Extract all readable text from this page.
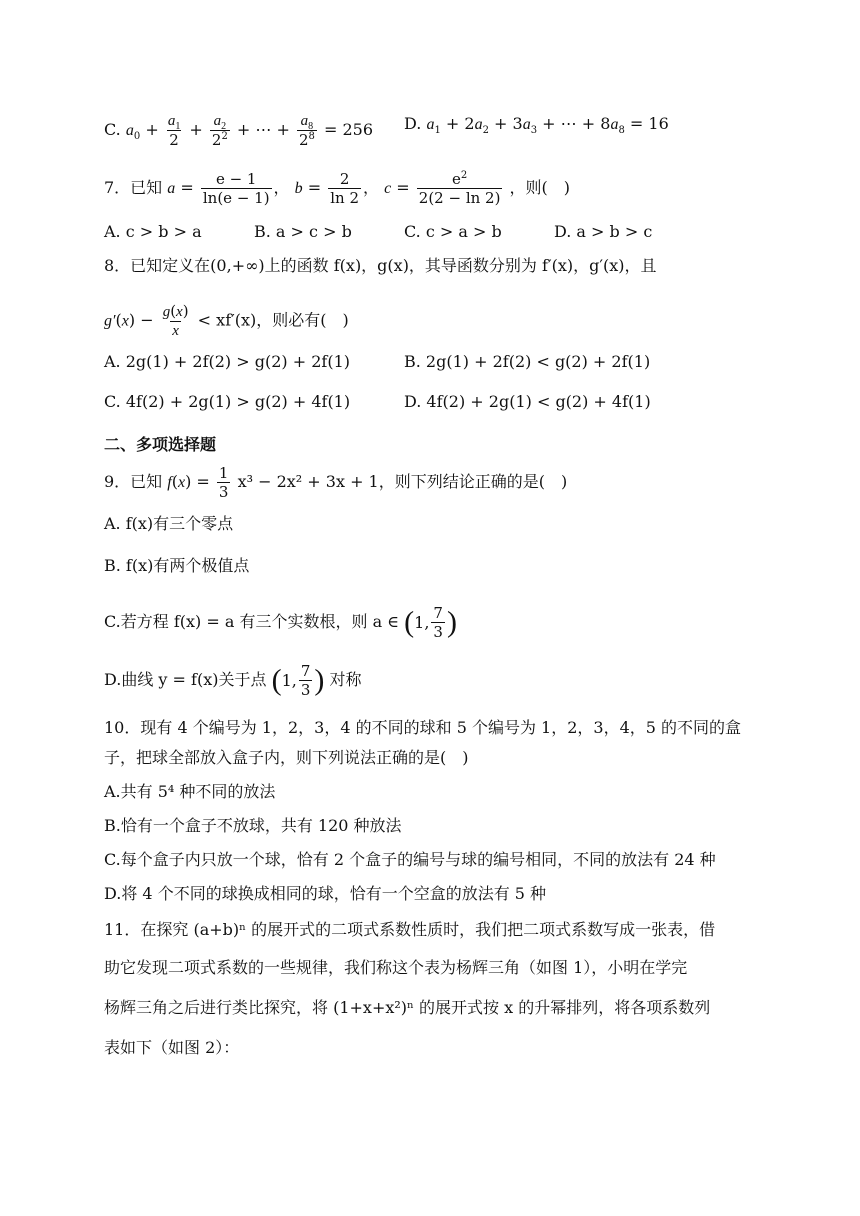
C. $a_0 + \frac{a_1}{2} + \frac{a_2}{2^2}$ + ⋯ + $\frac{a_8}{2^8} = 256$ D. $a_1 + 2a_2 + 3a_3$ + ⋯ + $8a_8 = 16$
7．已知 $a = \frac{e - 1}{\ln(e - 1)}$ ， $b = \frac{2}{\ln 2}$ ， $c = \frac{e^2}{2(2 - \ln 2)}$ ，则(　)
A. c > b > a	B. a > c > b	C. c > a > b	D. a > b > c
8．已知定义在(0,+∞)上的函数 f(x)，g(x)，其导函数分别为 f′(x)，g′(x)，且
$g'(x) - \frac{g(x)}{x} < xf'(x)$，则必有(　)
A. 2g(1) + 2f(2) > g(2) + 2f(1)	B. 2g(1) + 2f(2) < g(2) + 2f(1)
C. 4f(2) + 2g(1) > g(2) + 4f(1)	D. 4f(2) + 2g(1) < g(2) + 4f(1)
二、多项选择题
9．已知 $f(x) = \frac{1}{3} x^3 - 2x^2 + 3x + 1$，则下列结论正确的是(　)
A. f(x)有三个零点
B. f(x)有两个极值点
C.若方程 f(x) = a 有三个实数根，则 a ∈ (1, $\frac{7}{3}$ )
D.曲线 y = f(x)关于点 (1, $\frac{7}{3}$ ) 对称
10．现有 4 个编号为 1，2，3，4 的不同的球和 5 个编号为 1，2，3，4，5 的不同的盒
子，把球全部放入盒子内，则下列说法正确的是(　)
A.共有 5⁴ 种不同的放法
B.恰有一个盒子不放球，共有 120 种放法
C.每个盒子内只放一个球，恰有 2 个盒子的编号与球的编号相同，不同的放法有 24 种
D.将 4 个不同的球换成相同的球，恰有一个空盒的放法有 5 种
11．在探究 (a+b)ⁿ 的展开式的二项式系数性质时，我们把二项式系数写成一张表，借
助它发现二项式系数的一些规律，我们称这个表为杨辉三角（如图 1），小明在学完
杨辉三角之后进行类比探究，将 (1+x+x²)ⁿ 的展开式按 x 的升幂排列，将各项系数列
表如下（如图 2）：
